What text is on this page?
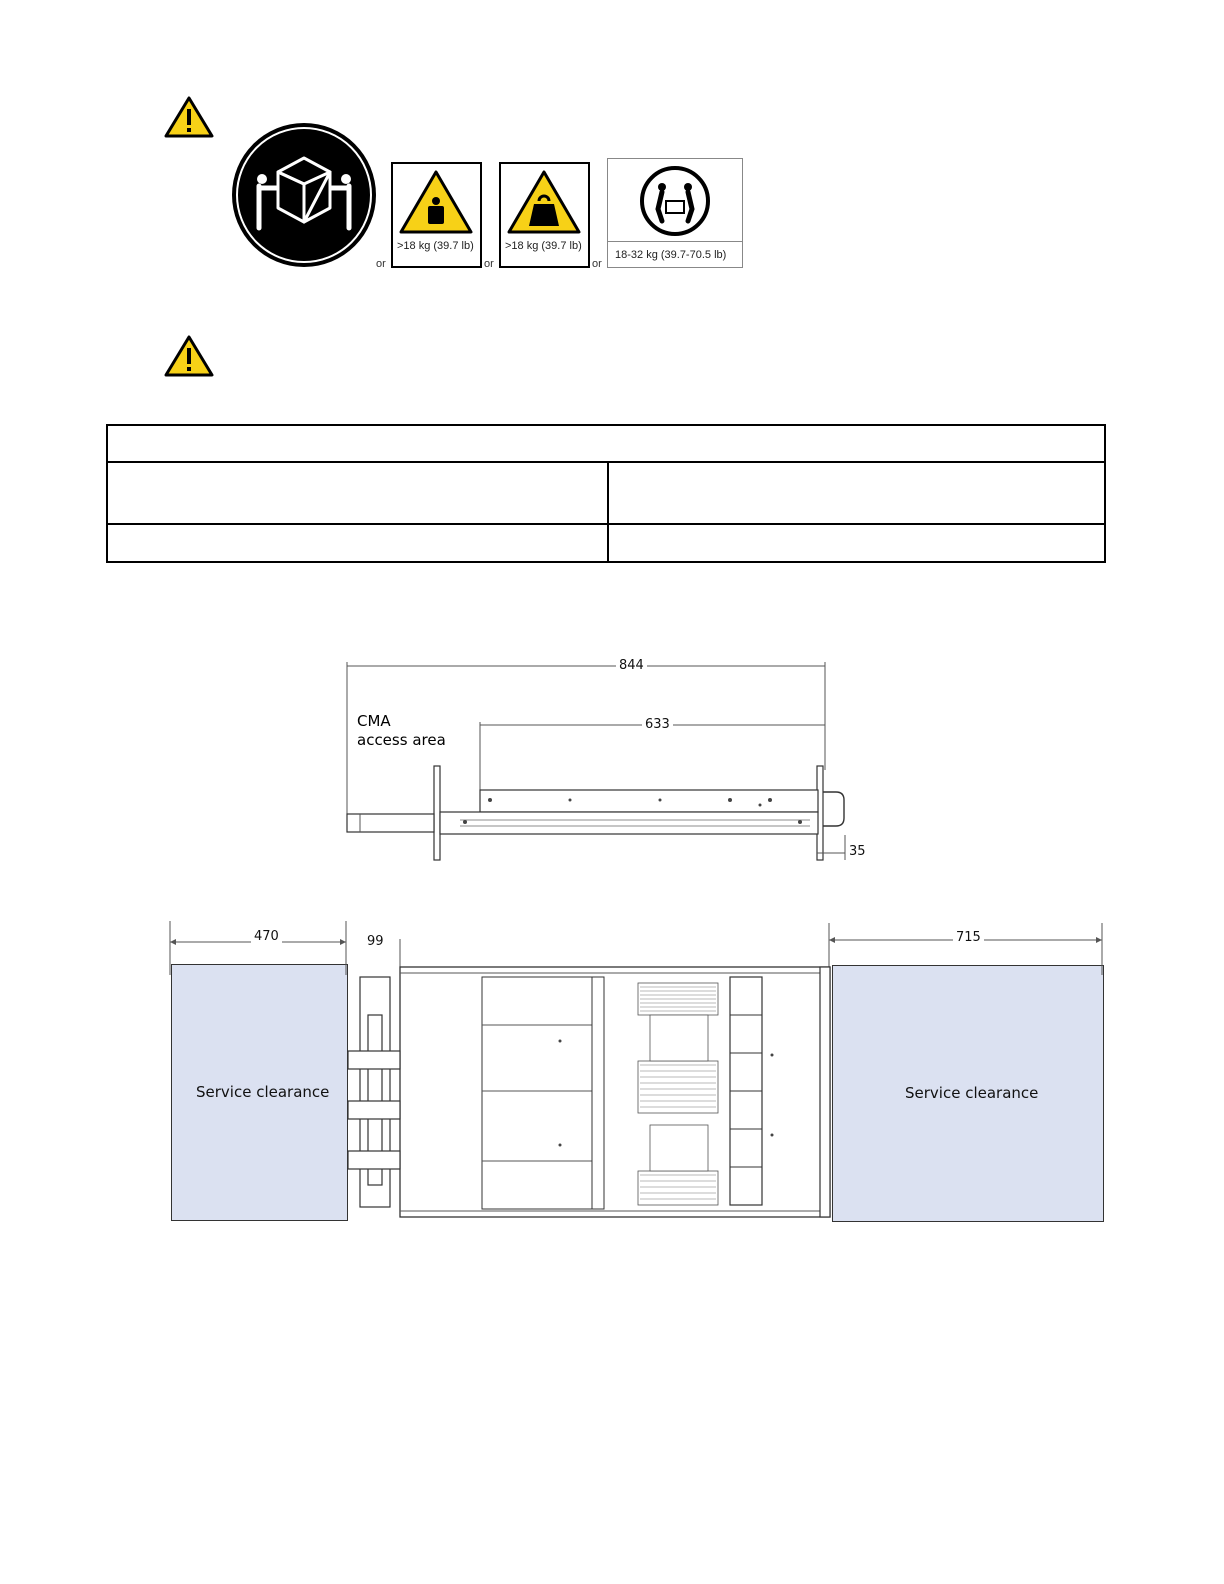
or
>18 kg (39.7 lb)
or
>18 kg (39.7 lb)
or
18-32 kg (39.7-70.5 lb)

844
633
35
CMA
access area
Service clearance	Service clearance
470	99	715
